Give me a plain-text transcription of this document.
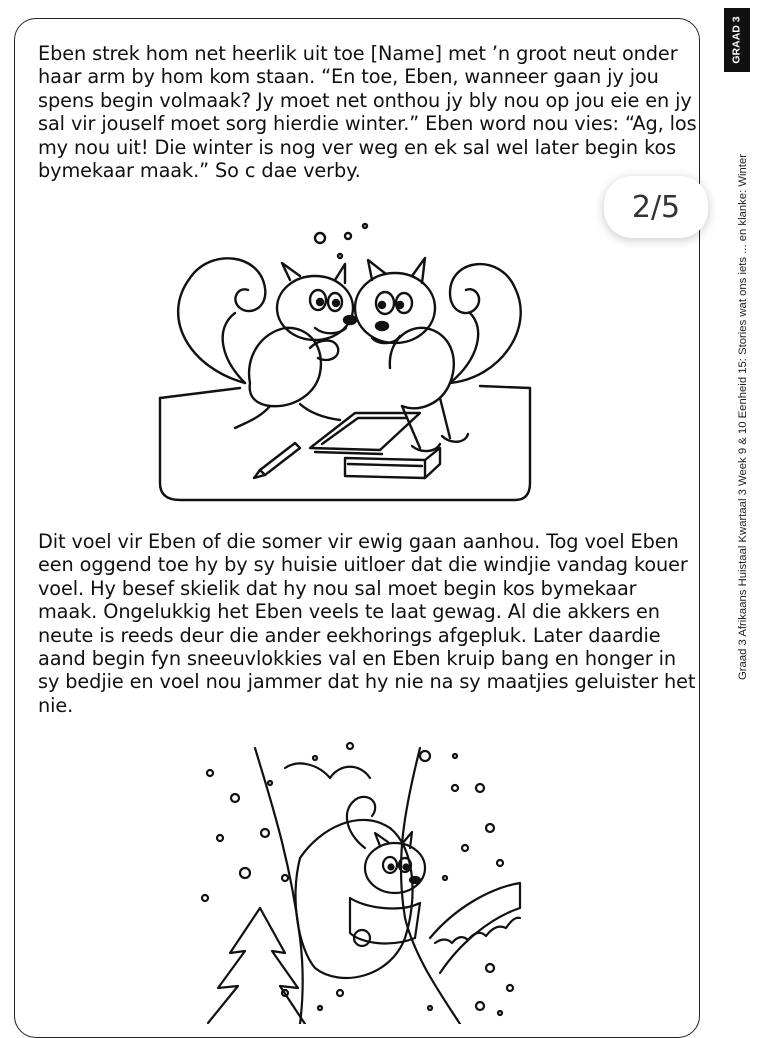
Eben strek hom net heerlik uit toe [Name] met ’n groot neut onder haar arm by hom kom staan. “En toe, Eben, wanneer gaan jy jou spens begin volmaak? Jy moet net onthou jy bly nou op jou eie en jy sal vir jouself moet sorg hierdie winter.” Eben word nou vies: “Ag, los my nou uit! Die winter is nog ver weg en ek sal wel later begin kos bymekaar maak.” So c dae verby.

Dit voel vir Eben of die somer vir ewig gaan aanhou. Tog voel Eben een oggend toe hy by sy huisie uitloer dat die windjie vandag kouer voel. Hy besef skielik dat hy nou sal moet begin kos bymekaar maak. Ongelukkig het Eben veels te laat gewag. Al die akkers en neute is reeds deur die ander eekhorings afgepluk. Later daardie aand begin fyn sneeuvlokkies val en Eben kruip bang en honger in sy bedjie en voel nou jammer dat hy nie na sy maatjies geluister het nie.

2/5
GRAAD 3
Graad 3 Afrikaans Huistaal Kwartaal 3 Week 9 & 10 Eenheid 15: Stories wat ons iets ... en klanke: Winter
